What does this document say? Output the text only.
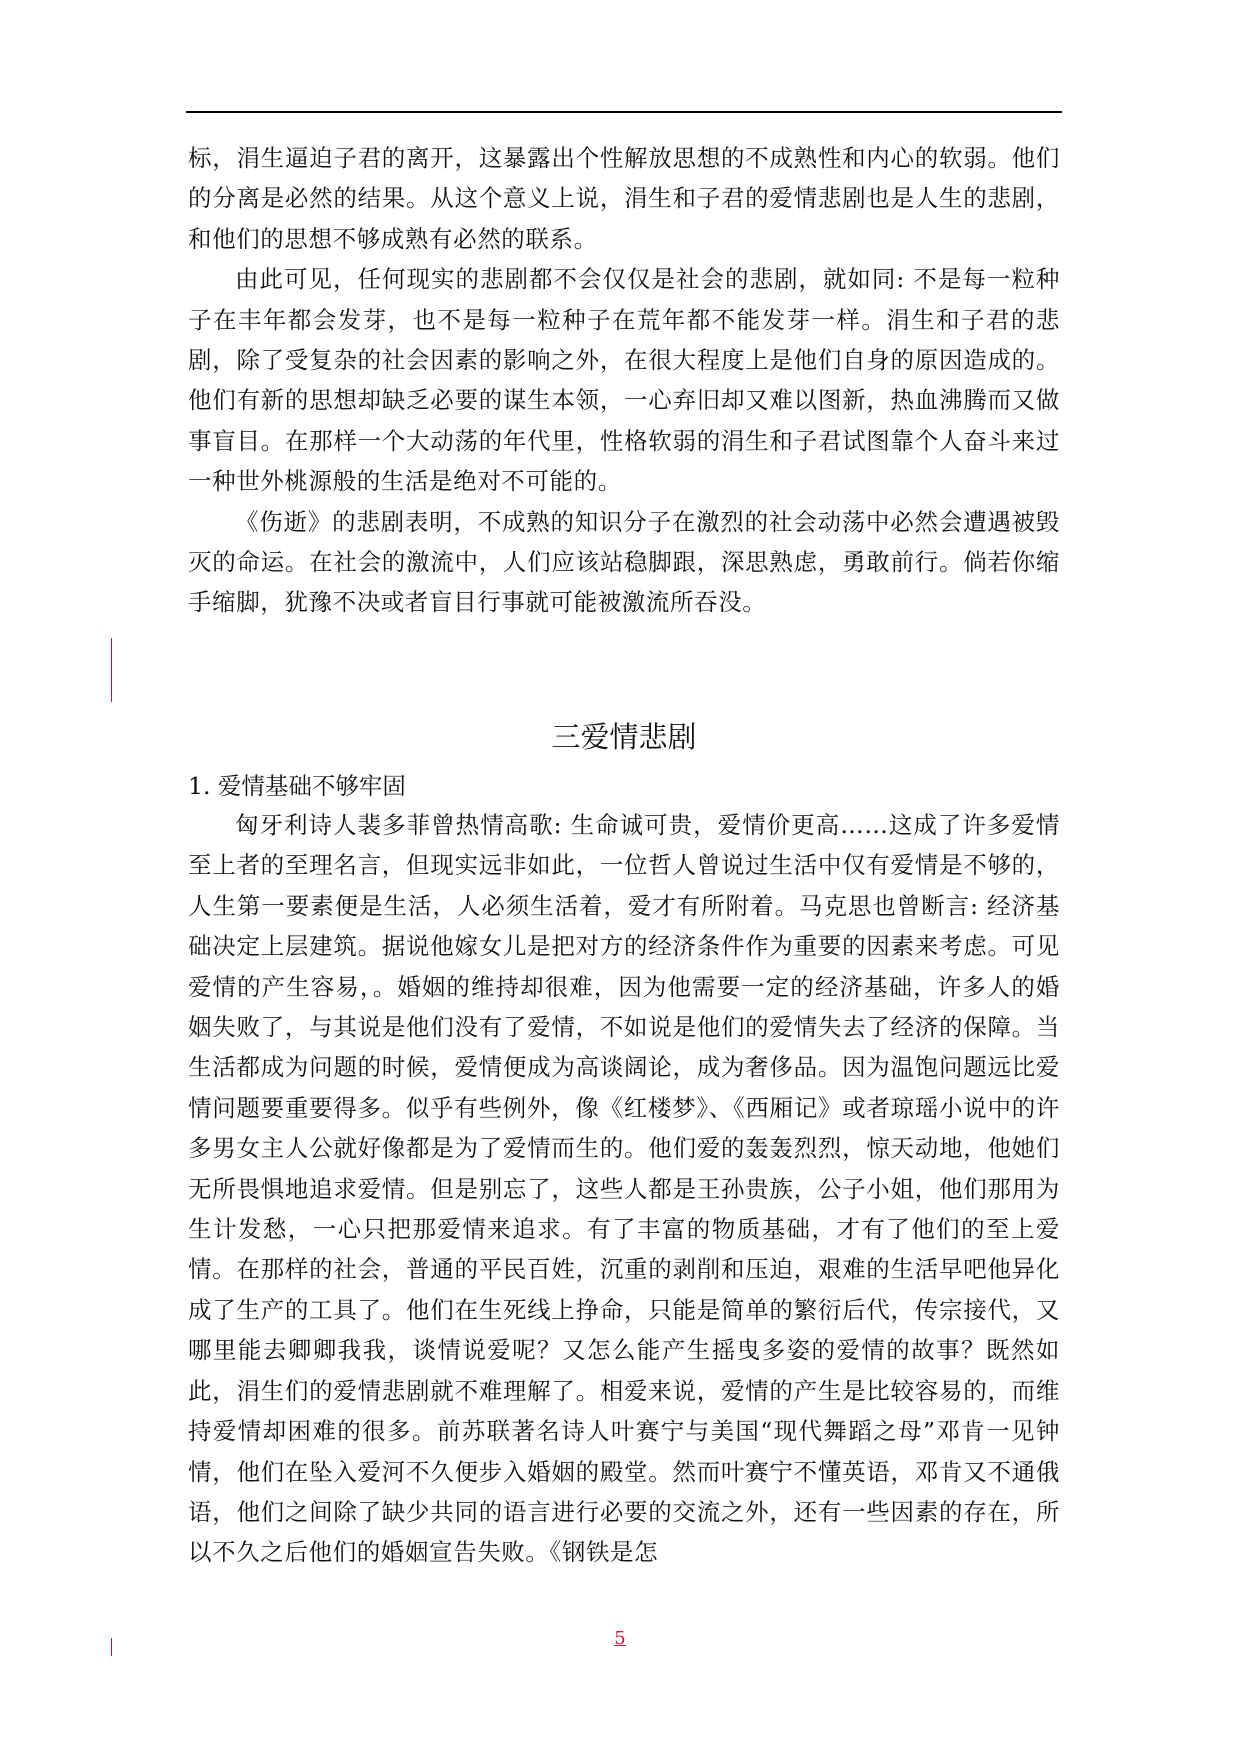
标，涓生逼迫子君的离开，这暴露出个性解放思想的不成熟性和内心的软弱。他们的分离是必然的结果。从这个意义上说，涓生和子君的爱情悲剧也是人生的悲剧，和他们的思想不够成熟有必然的联系。

由此可见，任何现实的悲剧都不会仅仅是社会的悲剧，就如同: 不是每一粒种子在丰年都会发芽，也不是每一粒种子在荒年都不能发芽一样。涓生和子君的悲剧，除了受复杂的社会因素的影响之外，在很大程度上是他们自身的原因造成的。他们有新的思想却缺乏必要的谋生本领，一心弃旧却又难以图新，热血沸腾而又做事盲目。在那样一个大动荡的年代里，性格软弱的涓生和子君试图靠个人奋斗来过一种世外桃源般的生活是绝对不可能的。

《伤逝》的悲剧表明，不成熟的知识分子在激烈的社会动荡中必然会遭遇被毁灭的命运。在社会的激流中，人们应该站稳脚跟，深思熟虑，勇敢前行。倘若你缩手缩脚，犹豫不决或者盲目行事就可能被激流所吞没。

三爱情悲剧
1. 爱情基础不够牢固

匈牙利诗人裴多菲曾热情高歌: 生命诚可贵，爱情价更高……这成了许多爱情至上者的至理名言，但现实远非如此，一位哲人曾说过生活中仅有爱情是不够的，人生第一要素便是生活，人必须生活着，爱才有所附着。马克思也曾断言: 经济基础决定上层建筑。据说他嫁女儿是把对方的经济条件作为重要的因素来考虑。可见爱情的产生容易，。婚姻的维持却很难，因为他需要一定的经济基础，许多人的婚姻失败了，与其说是他们没有了爱情，不如说是他们的爱情失去了经济的保障。当生活都成为问题的时候，爱情便成为高谈阔论，成为奢侈品。因为温饱问题远比爱情问题要重要得多。似乎有些例外，像《红楼梦》、《西厢记》或者琼瑶小说中的许多男女主人公就好像都是为了爱情而生的。他们爱的轰轰烈烈，惊天动地，他她们无所畏惧地追求爱情。但是别忘了，这些人都是王孙贵族，公子小姐，他们那用为生计发愁，一心只把那爱情来追求。有了丰富的物质基础，才有了他们的至上爱情。在那样的社会，普通的平民百姓，沉重的剥削和压迫，艰难的生活早吧他异化成了生产的工具了。他们在生死线上挣命，只能是简单的繁衍后代，传宗接代，又哪里能去卿卿我我，谈情说爱呢？又怎么能产生摇曳多姿的爱情的故事？既然如此，涓生们的爱情悲剧就不难理解了。相爱来说，爱情的产生是比较容易的，而维持爱情却困难的很多。前苏联著名诗人叶赛宁与美国“现代舞蹈之母”邓肯一见钟情，他们在坠入爱河不久便步入婚姻的殿堂。然而叶赛宁不懂英语，邓肯又不通俄语，他们之间除了缺少共同的语言进行必要的交流之外，还有一些因素的存在，所以不久之后他们的婚姻宣告失败。《钢铁是怎

5
